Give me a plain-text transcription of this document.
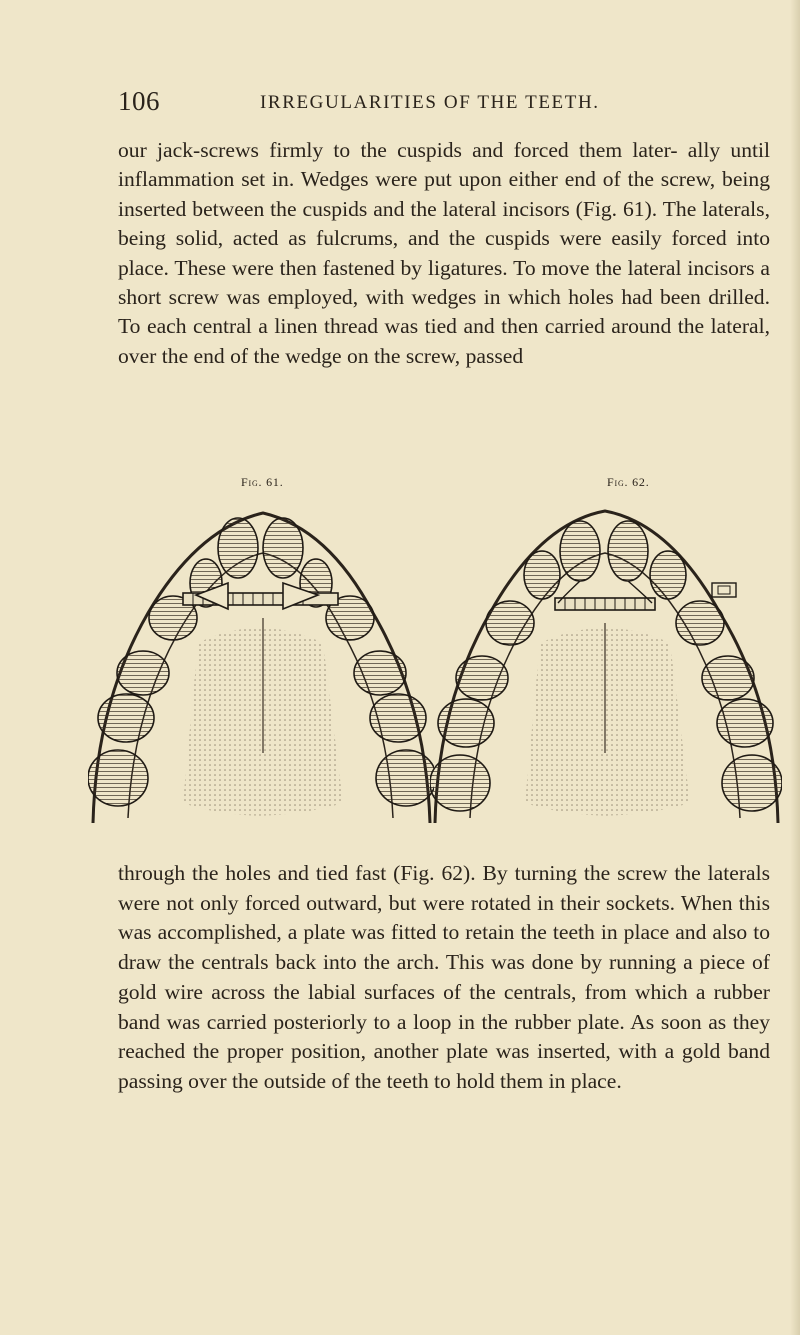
106	IRREGULARITIES OF THE TEETH.

our jack-screws firmly to the cuspids and forced them later- ally until inflammation set in. Wedges were put upon either end of the screw, being inserted between the cuspids and the lateral incisors (Fig. 61). The laterals, being solid, acted as fulcrums, and the cuspids were easily forced into place. These were then fastened by ligatures. To move the lateral incisors a short screw was employed, with wedges in which holes had been drilled. To each central a linen thread was tied and then carried around the lateral, over the end of the wedge on the screw, passed

Fig. 61.	Fig. 62.

through the holes and tied fast (Fig. 62). By turning the screw the laterals were not only forced outward, but were rotated in their sockets. When this was accomplished, a plate was fitted to retain the teeth in place and also to draw the centrals back into the arch. This was done by running a piece of gold wire across the labial surfaces of the centrals, from which a rubber band was carried posteriorly to a loop in the rubber plate. As soon as they reached the proper position, another plate was inserted, with a gold band passing over the outside of the teeth to hold them in place.
